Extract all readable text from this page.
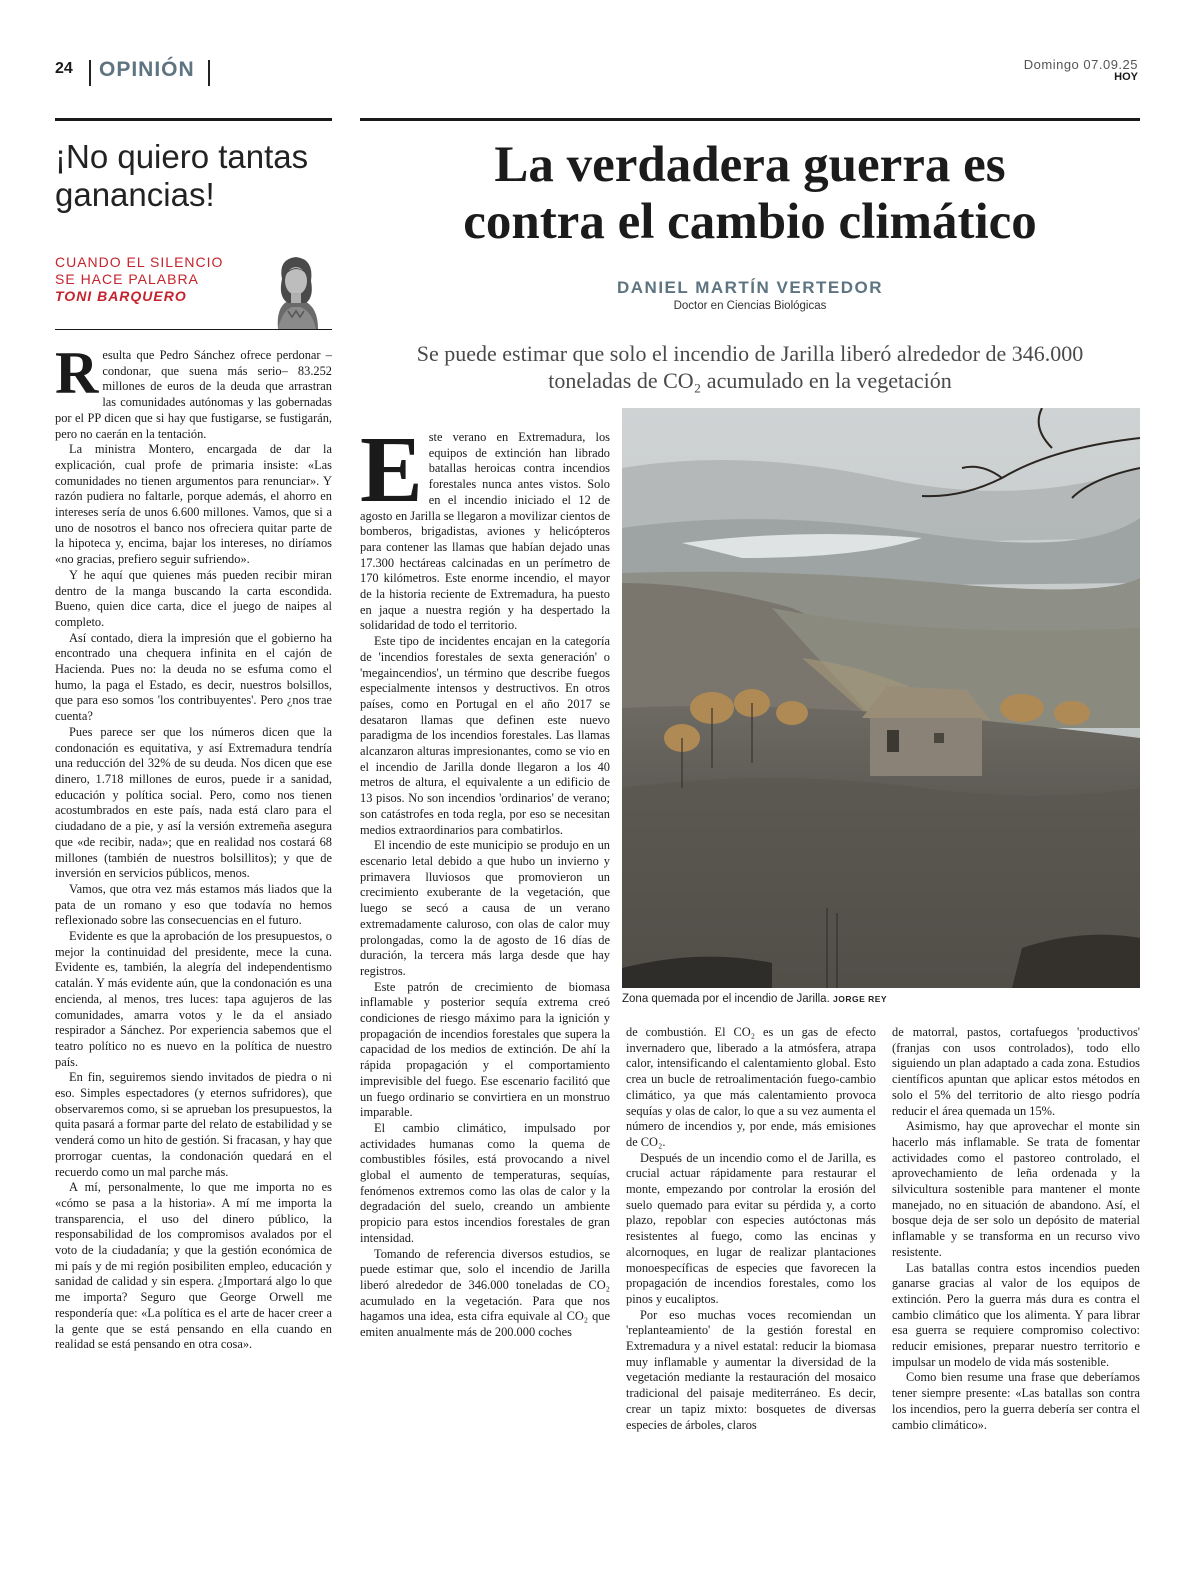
24 OPINIÓN	Domingo 07.09.25
HOY
¡No quiero tantas ganancias!
CUANDO EL SILENCIO
SE HACE PALABRA
TONI BARQUERO

Resulta que Pedro Sánchez ofrece perdonar –condonar, que suena más serio– 83.252 millones de euros de la deuda que arrastran las comunidades autónomas y las gobernadas por el PP dicen que si hay que fustigarse, se fustigarán, pero no caerán en la tentación.

La ministra Montero, encargada de dar la explicación, cual profe de primaria insiste: «Las comunidades no tienen argumentos para renunciar». Y razón pudiera no faltarle, porque además, el ahorro en intereses sería de unos 6.600 millones. Vamos, que si a uno de nosotros el banco nos ofreciera quitar parte de la hipoteca y, encima, bajar los intereses, no diríamos «no gracias, prefiero seguir sufriendo».

Y he aquí que quienes más pueden recibir miran dentro de la manga buscando la carta escondida. Bueno, quien dice carta, dice el juego de naipes al completo.

Así contado, diera la impresión que el gobierno ha encontrado una chequera infinita en el cajón de Hacienda. Pues no: la deuda no se esfuma como el humo, la paga el Estado, es decir, nuestros bolsillos, que para eso somos 'los contribuyentes'. Pero ¿nos trae cuenta?

Pues parece ser que los números dicen que la condonación es equitativa, y así Extremadura tendría una reducción del 32% de su deuda. Nos dicen que ese dinero, 1.718 millones de euros, puede ir a sanidad, educación y política social. Pero, como nos tienen acostumbrados en este país, nada está claro para el ciudadano de a pie, y así la versión extremeña asegura que «de recibir, nada»; que en realidad nos costará 68 millones (también de nuestros bolsillitos); y que de inversión en servicios públicos, menos.

Vamos, que otra vez más estamos más liados que la pata de un romano y eso que todavía no hemos reflexionado sobre las consecuencias en el futuro.

Evidente es que la aprobación de los presupuestos, o mejor la continuidad del presidente, mece la cuna. Evidente es, también, la alegría del independentismo catalán. Y más evidente aún, que la condonación es una encienda, al menos, tres luces: tapa agujeros de las comunidades, amarra votos y le da el ansiado respirador a Sánchez. Por experiencia sabemos que el teatro político no es nuevo en la política de nuestro país.

En fin, seguiremos siendo invitados de piedra o ni eso. Simples espectadores (y eternos sufridores), que observaremos como, si se aprueban los presupuestos, la quita pasará a formar parte del relato de estabilidad y se venderá como un hito de gestión. Si fracasan, y hay que prorrogar cuentas, la condonación quedará en el recuerdo como un mal parche más.

A mí, personalmente, lo que me importa no es «cómo se pasa a la historia». A mí me importa la transparencia, el uso del dinero público, la responsabilidad de los compromisos avalados por el voto de la ciudadanía; y que la gestión económica de mi país y de mi región posibiliten empleo, educación y sanidad de calidad y sin espera. ¿Importará algo lo que me importa? Seguro que George Orwell me respondería que: «La política es el arte de hacer creer a la gente que se está pensando en ella cuando en realidad se está pensando en otra cosa».

La verdadera guerra es
contra el cambio climático
DANIEL MARTÍN VERTEDOR
Doctor en Ciencias Biológicas
Se puede estimar que solo el incendio de Jarilla liberó alrededor de 346.000
toneladas de CO₂ acumulado en la vegetación
Zona quemada por el incendio de Jarilla. JORGE REY

Este verano en Extremadura, los equipos de extinción han librado batallas heroicas contra incendios forestales nunca antes vistos. Solo en el incendio iniciado el 12 de agosto en Jarilla se llegaron a movilizar cientos de bomberos, brigadistas, aviones y helicópteros para contener las llamas que habían dejado unas 17.300 hectáreas calcinadas en un perímetro de 170 kilómetros. Este enorme incendio, el mayor de la historia reciente de Extremadura, ha puesto en jaque a nuestra región y ha despertado la solidaridad de todo el territorio.

Este tipo de incidentes encajan en la categoría de 'incendios forestales de sexta generación' o 'megaincendios', un término que describe fuegos especialmente intensos y destructivos. En otros países, como en Portugal en el año 2017 se desataron llamas que definen este nuevo paradigma de los incendios forestales. Las llamas alcanzaron alturas impresionantes, como se vio en el incendio de Jarilla donde llegaron a los 40 metros de altura, el equivalente a un edificio de 13 pisos. No son incendios 'ordinarios' de verano; son catástrofes en toda regla, por eso se necesitan medios extraordinarios para combatirlos.

El incendio de este municipio se produjo en un escenario letal debido a que hubo un invierno y primavera lluviosos que promovieron un crecimiento exuberante de la vegetación, que luego se secó a causa de un verano extremadamente caluroso, con olas de calor muy prolongadas, como la de agosto de 16 días de duración, la tercera más larga desde que hay registros.

Este patrón de crecimiento de biomasa inflamable y posterior sequía extrema creó condiciones de riesgo máximo para la ignición y propagación de incendios forestales que supera la capacidad de los medios de extinción. De ahí la rápida propagación y el comportamiento imprevisible del fuego. Ese escenario facilitó que un fuego ordinario se convirtiera en un monstruo imparable.

El cambio climático, impulsado por actividades humanas como la quema de combustibles fósiles, está provocando a nivel global el aumento de temperaturas, sequías, fenómenos extremos como las olas de calor y la degradación del suelo, creando un ambiente propicio para estos incendios forestales de gran intensidad.

Tomando de referencia diversos estudios, se puede estimar que, solo el incendio de Jarilla liberó alrededor de 346.000 toneladas de CO₂ acumulado en la vegetación. Para que nos hagamos una idea, esta cifra equivale al CO₂ que emiten anualmente más de 200.000 coches

de combustión. El CO₂ es un gas de efecto invernadero que, liberado a la atmósfera, atrapa calor, intensificando el calentamiento global. Esto crea un bucle de retroalimentación fuego-cambio climático, ya que más calentamiento provoca sequías y olas de calor, lo que a su vez aumenta el número de incendios y, por ende, más emisiones de CO₂.

Después de un incendio como el de Jarilla, es crucial actuar rápidamente para restaurar el monte, empezando por controlar la erosión del suelo quemado para evitar su pérdida y, a corto plazo, repoblar con especies autóctonas más resistentes al fuego, como las encinas y alcornoques, en lugar de realizar plantaciones monoespecíficas de especies que favorecen la propagación de incendios forestales, como los pinos y eucaliptos.

Por eso muchas voces recomiendan un 'replanteamiento' de la gestión forestal en Extremadura y a nivel estatal: reducir la biomasa muy inflamable y aumentar la diversidad de la vegetación mediante la restauración del mosaico tradicional del paisaje mediterráneo. Es decir, crear un tapiz mixto: bosquetes de diversas especies de árboles, claros

de matorral, pastos, cortafuegos 'productivos' (franjas con usos controlados), todo ello siguiendo un plan adaptado a cada zona. Estudios científicos apuntan que aplicar estos métodos en solo el 5% del territorio de alto riesgo podría reducir el área quemada un 15%.

Asimismo, hay que aprovechar el monte sin hacerlo más inflamable. Se trata de fomentar actividades como el pastoreo controlado, el aprovechamiento de leña ordenada y la silvicultura sostenible para mantener el monte manejado, no en situación de abandono. Así, el bosque deja de ser solo un depósito de material inflamable y se transforma en un recurso vivo resistente.

Las batallas contra estos incendios pueden ganarse gracias al valor de los equipos de extinción. Pero la guerra más dura es contra el cambio climático que los alimenta. Y para librar esa guerra se requiere compromiso colectivo: reducir emisiones, preparar nuestro territorio e impulsar un modelo de vida más sostenible.

Como bien resume una frase que deberíamos tener siempre presente: «Las batallas son contra los incendios, pero la guerra debería ser contra el cambio climático».
